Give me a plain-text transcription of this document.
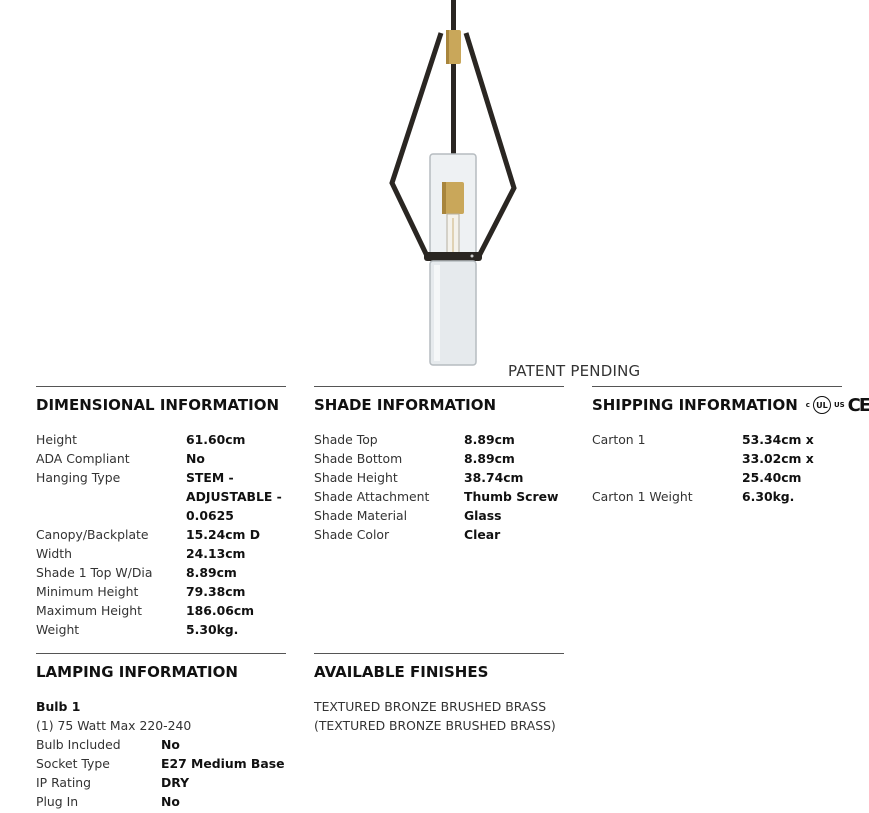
PATENT PENDING
DIMENSIONAL INFORMATION
Height	61.60cm
ADA Compliant	No
Hanging Type	STEM - ADJUSTABLE - 0.0625
Canopy/Backplate	15.24cm D
Width	24.13cm
Shade 1 Top W/Dia	8.89cm
Minimum Height	79.38cm
Maximum Height	186.06cm
Weight	5.30kg.
SHADE INFORMATION
Shade Top	8.89cm
Shade Bottom	8.89cm
Shade Height	38.74cm
Shade Attachment	Thumb Screw
Shade Material	Glass
Shade Color	Clear
SHIPPING INFORMATION c UL US CE
Carton 1	53.34cm x 33.02cm x 25.40cm
Carton 1 Weight	6.30kg.
LAMPING INFORMATION
Bulb 1
(1) 75 Watt Max 220-240
Bulb Included	No
Socket Type	E27 Medium Base
IP Rating	DRY
Plug In	No
AVAILABLE FINISHES
TEXTURED BRONZE BRUSHED BRASS (TEXTURED BRONZE BRUSHED BRASS)
